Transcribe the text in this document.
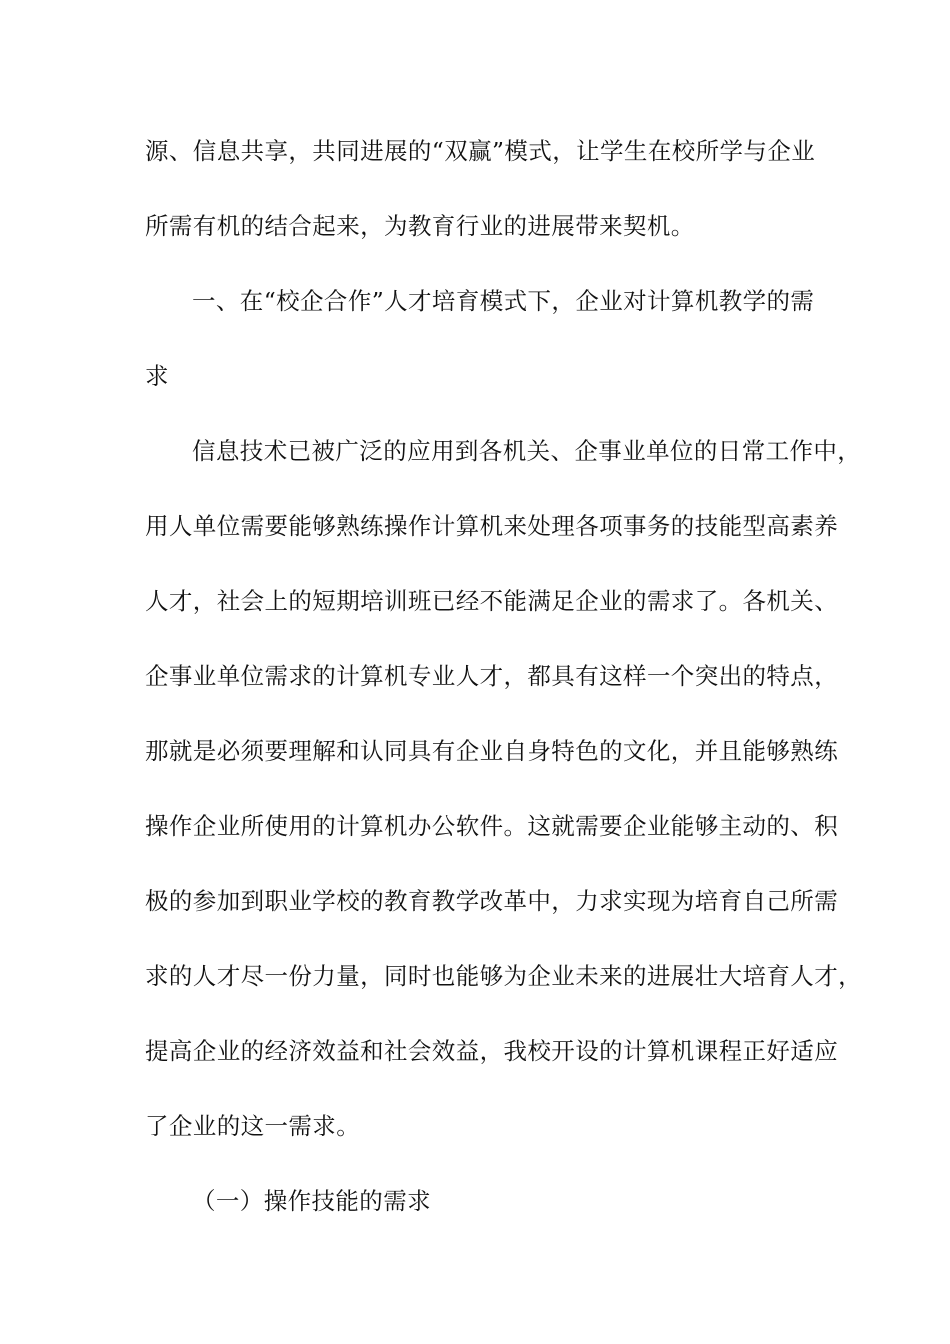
源、信息共享，共同进展的“双赢”模式，让学生在校所学与企业
所需有机的结合起来，为教育行业的进展带来契机。
一、在“校企合作”人才培育模式下，企业对计算机教学的需
求
信息技术已被广泛的应用到各机关、企事业单位的日常工作中，
用人单位需要能够熟练操作计算机来处理各项事务的技能型高素养
人才，社会上的短期培训班已经不能满足企业的需求了。各机关、
企事业单位需求的计算机专业人才，都具有这样一个突出的特点，
那就是必须要理解和认同具有企业自身特色的文化，并且能够熟练
操作企业所使用的计算机办公软件。这就需要企业能够主动的、积
极的参加到职业学校的教育教学改革中，力求实现为培育自己所需
求的人才尽一份力量，同时也能够为企业未来的进展壮大培育人才，
提高企业的经济效益和社会效益，我校开设的计算机课程正好适应
了企业的这一需求。
（一）操作技能的需求
